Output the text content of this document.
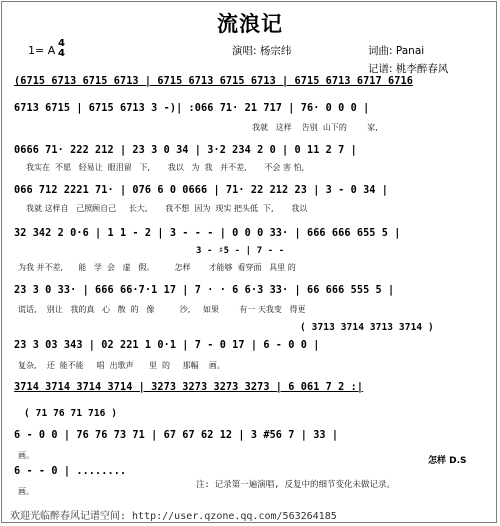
流浪记
1= A
4
4	演唱: 杨宗纬	词曲: Panai
记谱: 桃李醉春风
(6715 6713 6715 6713 | 6715 6713 6715 6713 | 6715 6713 6717 6716
6713 6715 | 6715 6713 3 -)| :066 71· 21 717 | 76· 0 0 0 |
我就   这样    告别  山下的        家,
0666 71· 222 212 | 23 3 0 34 | 3·2 234 2 0 | 0 11 2 7 |
我实在  不愿   轻易让  眼泪留   下,       我以   为  我   并不差,       不会 害 怕,
066 712 2221 71· | 076 6 0 0666 | 71· 22 212 23 | 3 - 0 34 |
我就 这样自   己照顾自己     长大,       我不想  因为  现实 把头低  下,       我以
32 342 2 0·6 | 1 1 - 2 | 3 - - - | 0 0 0 33· | 666 666 655 5 |
3 - ♯5 - | 7 - -
为我 并不差,      能   学  会   虚   假。        怎样       才能够  看穿面   具里 的
23 3 0 33· | 666 66·7·1 17 | 7 · · 6 6·3 33· | 66 666 555 5 |
谎话,    别让   我的真   心   散  的   像          沙,     如果        有一 天我变   得更
( 3713 3714 3713 3714 )
23 3 03 343 | 02 221 1 0·1 | 7 - 0 17 | 6 - 0 0 |
复杂,    还  能不能     唱  出歌声      里  的     那幅    画。
3714 3714 3714 3714 | 3273 3273 3273 3273 | 6 061 7 2 :|
( 71 76 71 716 )
6 - 0 0 | 76 76 73 71 | 67 67 62 12 | 3 #56 7 | 33 |
画。
怎样 D.S
6 - - 0 | ........
注: 记录第一遍演唱, 反复中的细节变化未做记录。
画。
欢迎光临醉春风记谱空间: http://user.qzone.qq.com/563264185
